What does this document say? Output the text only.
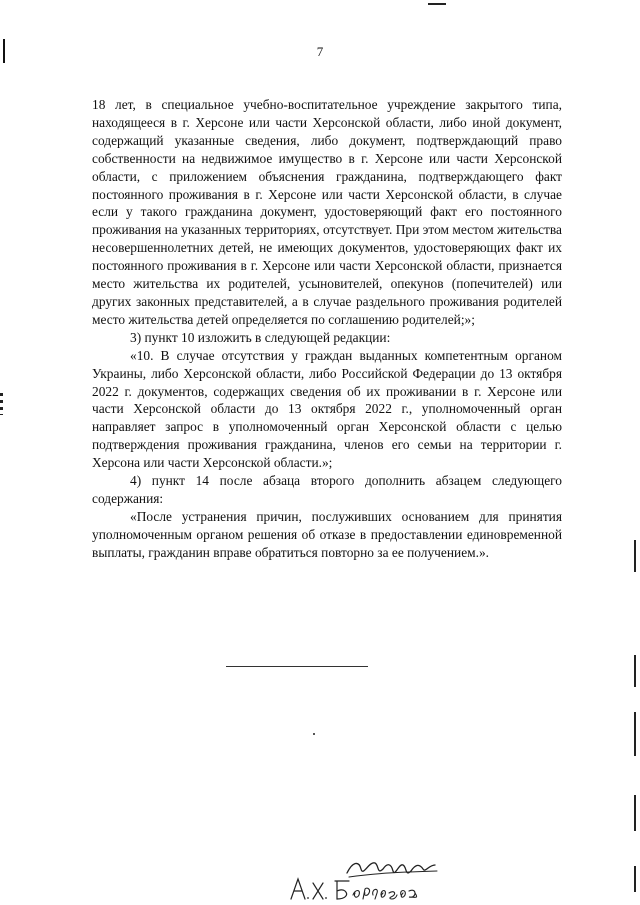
7

18 лет, в специальное учебно-воспитательное учреждение закрытого типа, находящееся в г. Херсоне или части Херсонской области, либо иной документ, содержащий указанные сведения, либо документ, подтверждающий право собственности на недвижимое имущество в г. Херсоне или части Херсонской области, с приложением объяснения гражданина, подтверждающего факт постоянного проживания в г. Херсоне или части Херсонской области, в случае если у такого гражданина документ, удостоверяющий факт его постоянного проживания на указанных территориях, отсутствует. При этом местом жительства несовершеннолетних детей, не имеющих документов, удостоверяющих факт их постоянного проживания в г. Херсоне или части Херсонской области, признается место жительства их родителей, усыновителей, опекунов (попечителей) или других законных представителей, а в случае раздельного проживания родителей место жительства детей определяется по соглашению родителей;»;

3) пункт 10 изложить в следующей редакции:

«10. В случае отсутствия у граждан выданных компетентным органом Украины, либо Херсонской области, либо Российской Федерации до 13 октября 2022 г. документов, содержащих сведения об их проживании в г. Херсоне или части Херсонской области до 13 октября 2022 г., уполномоченный орган направляет запрос в уполномоченный орган Херсонской области с целью подтверждения проживания гражданина, членов его семьи на территории г. Херсона или части Херсонской области.»;

4) пункт 14 после абзаца второго дополнить абзацем следующего содержания:

«После устранения причин, послуживших основанием для принятия уполномоченным органом решения об отказе в предоставлении единовременной выплаты, гражданин вправе обратиться повторно за ее получением.».
